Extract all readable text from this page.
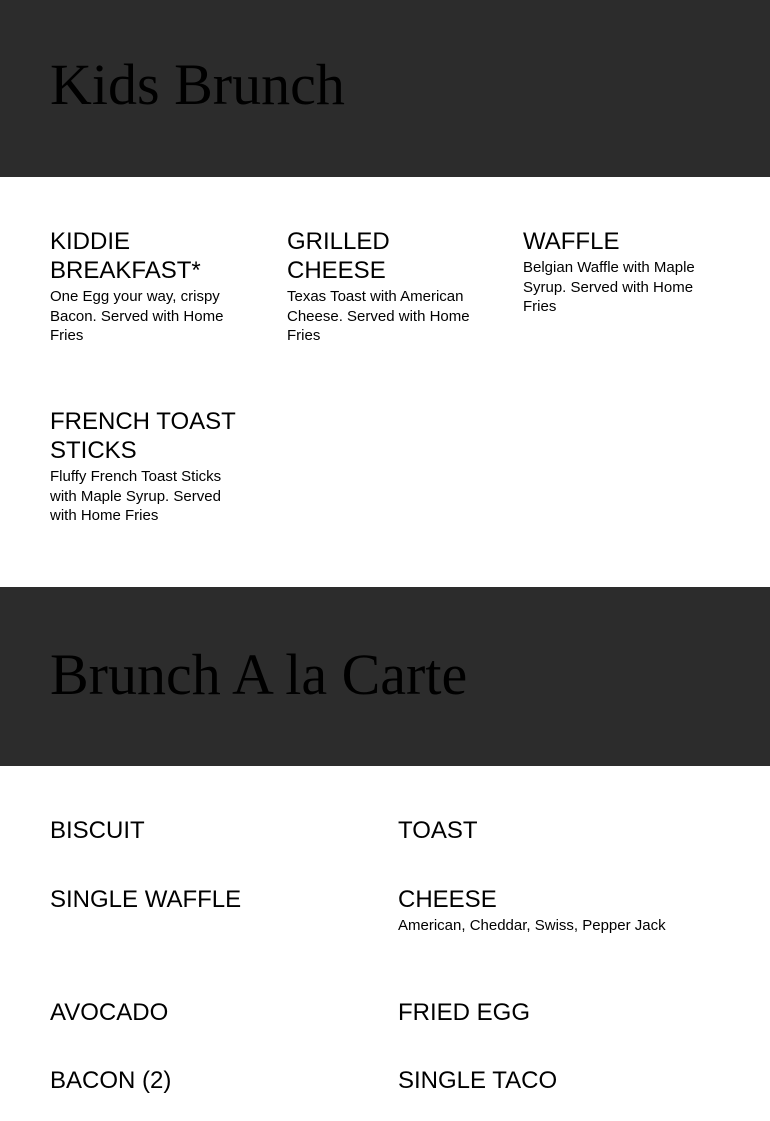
Kids Brunch
KIDDIE BREAKFAST*

One Egg your way, crispy Bacon. Served with Home Fries

GRILLED CHEESE

Texas Toast with American Cheese. Served with Home Fries

WAFFLE

Belgian Waffle with Maple Syrup. Served with Home Fries

FRENCH TOAST STICKS

Fluffy French Toast Sticks with Maple Syrup. Served with Home Fries

Brunch A la Carte
BISCUIT	TOAST
SINGLE WAFFLE	CHEESE

American, Cheddar, Swiss, Pepper Jack

AVOCADO	FRIED EGG
BACON (2)	SINGLE TACO
